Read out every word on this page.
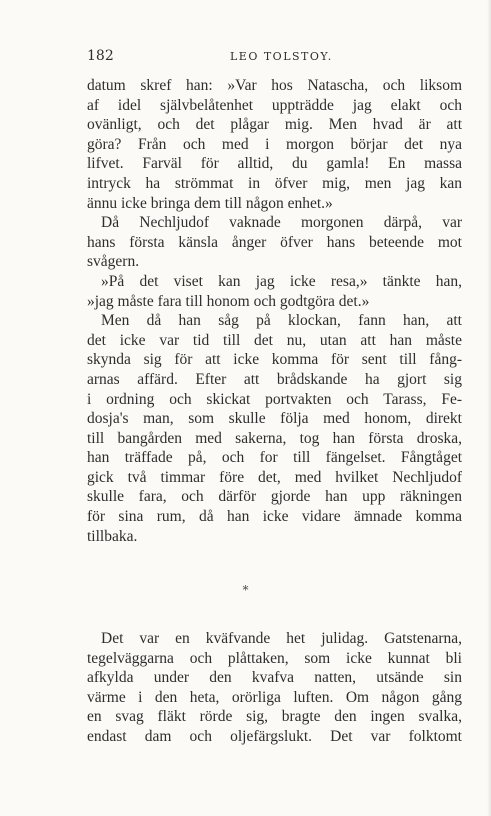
182	LEO TOLSTOY.
datum skref han: »Var hos Natascha, och liksom
af idel självbelåtenhet uppträdde jag elakt och
ovänligt, och det plågar mig. Men hvad är att
göra? Från och med i morgon börjar det nya
lifvet. Farväl för alltid, du gamla! En massa
intryck ha strömmat in öfver mig, men jag kan
ännu icke bringa dem till någon enhet.»
Då Nechljudof vaknade morgonen därpå, var
hans första känsla ånger öfver hans beteende mot
svågern.
»På det viset kan jag icke resa,» tänkte han,
»jag måste fara till honom och godtgöra det.»
Men då han såg på klockan, fann han, att
det icke var tid till det nu, utan att han måste
skynda sig för att icke komma för sent till fång-
arnas affärd. Efter att brådskande ha gjort sig
i ordning och skickat portvakten och Tarass, Fe-
dosja's man, som skulle följa med honom, direkt
till bangården med sakerna, tog han första droska,
han träffade på, och for till fängelset. Fångtåget
gick två timmar före det, med hvilket Nechljudof
skulle fara, och därför gjorde han upp räkningen
för sina rum, då han icke vidare ämnade komma
tillbaka.
*
Det var en kväfvande het julidag. Gatstenarna,
tegelväggarna och plåttaken, som icke kunnat bli
afkylda under den kvafva natten, utsände sin
värme i den heta, orörliga luften. Om någon gång
en svag fläkt rörde sig, bragte den ingen svalka,
endast dam och oljefärgslukt. Det var folktomt
